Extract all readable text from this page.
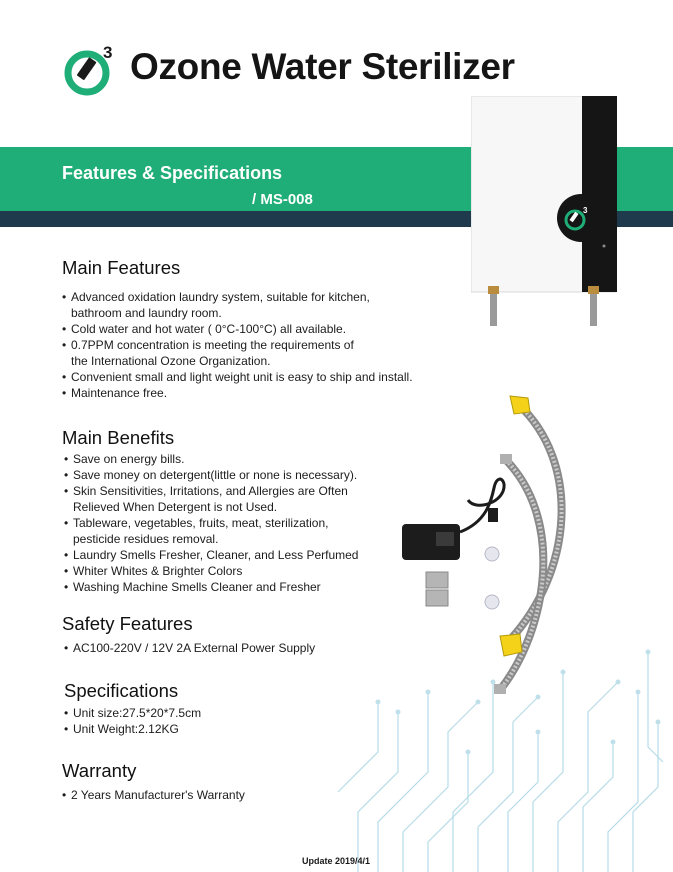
3 Ozone Water Sterilizer
Features & Specifications
/ MS-008
3
Main Features
• Advanced oxidation laundry system, suitable for kitchen,
bathroom and laundry room.
• Cold water and hot water ( 0°C-100°C) all available.
• 0.7PPM concentration is meeting the requirements of
the International Ozone Organization.
• Convenient small and light weight unit is easy to ship and install.
• Maintenance free.
Main Benefits
• Save on energy bills.
• Save money on detergent(little or none is necessary).
• Skin Sensitivities, Irritations, and Allergies are Often
Relieved When Detergent is not Used.
• Tableware, vegetables, fruits, meat, sterilization,
pesticide residues removal.
• Laundry Smells Fresher, Cleaner, and Less Perfumed
• Whiter Whites & Brighter Colors
• Washing Machine Smells Cleaner and Fresher
Safety Features
• AC100-220V / 12V 2A External Power Supply
Specifications
• Unit size:27.5*20*7.5cm
• Unit Weight:2.12KG
Warranty
• 2 Years Manufacturer's Warranty
Update 2019/4/1
